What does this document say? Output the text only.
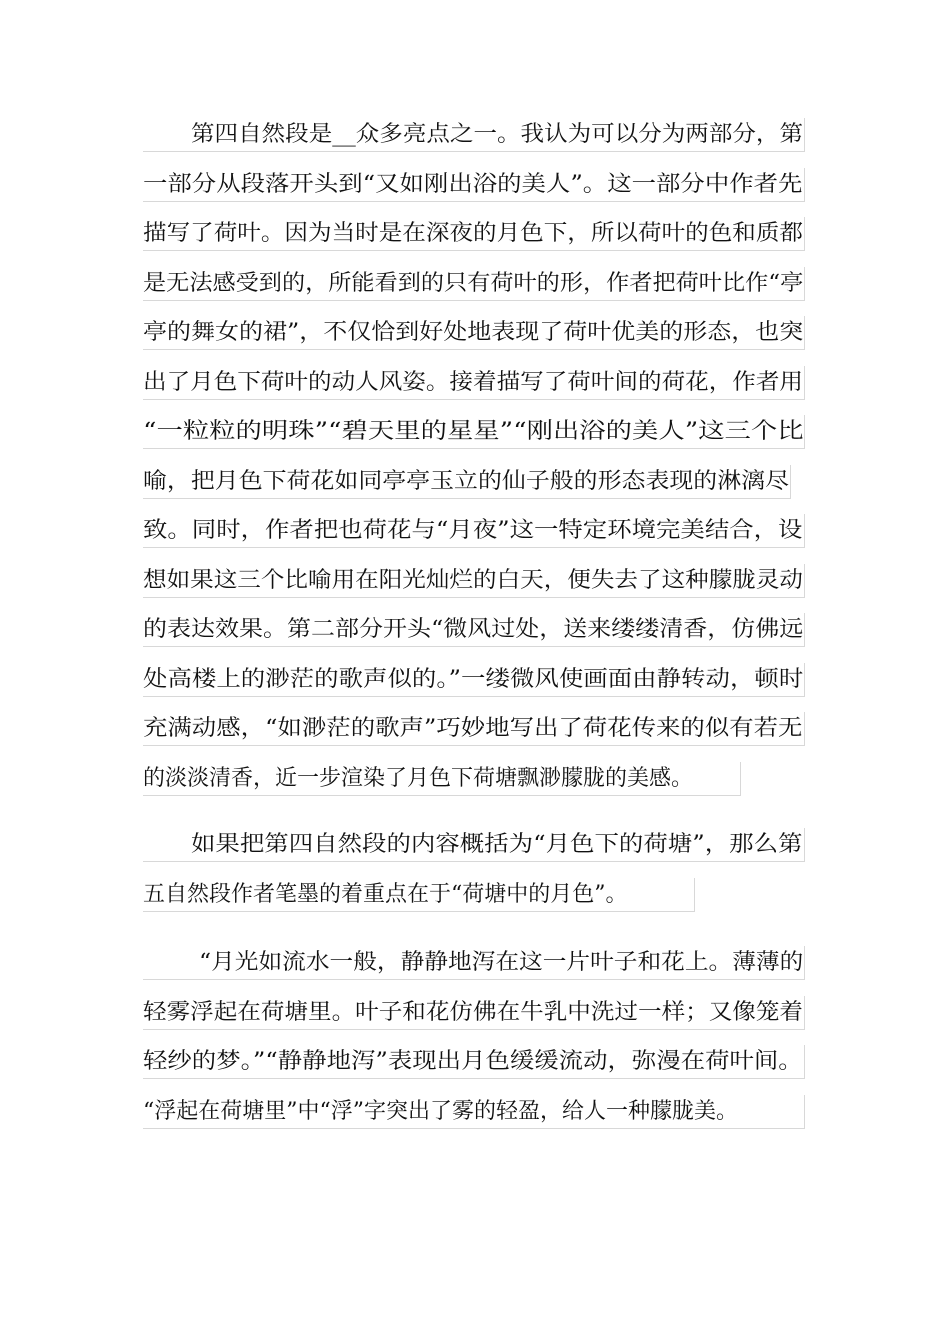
第四自然段是__众多亮点之一。我认为可以分为两部分，第
一部分从段落开头到“又如刚出浴的美人”。这一部分中作者先
描写了荷叶。因为当时是在深夜的月色下，所以荷叶的色和质都
是无法感受到的，所能看到的只有荷叶的形，作者把荷叶比作“亭
亭的舞女的裙”，不仅恰到好处地表现了荷叶优美的形态，也突
出了月色下荷叶的动人风姿。接着描写了荷叶间的荷花，作者用
“一粒粒的明珠”“碧天里的星星”“刚出浴的美人”这三个比
喻，把月色下荷花如同亭亭玉立的仙子般的形态表现的淋漓尽
致。同时，作者把也荷花与“月夜”这一特定环境完美结合，设
想如果这三个比喻用在阳光灿烂的白天，便失去了这种朦胧灵动
的表达效果。第二部分开头“微风过处，送来缕缕清香，仿佛远
处高楼上的渺茫的歌声似的。”一缕微风使画面由静转动，顿时
充满动感，“如渺茫的歌声”巧妙地写出了荷花传来的似有若无
的淡淡清香，近一步渲染了月色下荷塘飘渺朦胧的美感。
如果把第四自然段的内容概括为“月色下的荷塘”，那么第
五自然段作者笔墨的着重点在于“荷塘中的月色”。
“月光如流水一般，静静地泻在这一片叶子和花上。薄薄的
轻雾浮起在荷塘里。叶子和花仿佛在牛乳中洗过一样；又像笼着
轻纱的梦。”“静静地泻”表现出月色缓缓流动，弥漫在荷叶间。
“浮起在荷塘里”中“浮”字突出了雾的轻盈，给人一种朦胧美。
